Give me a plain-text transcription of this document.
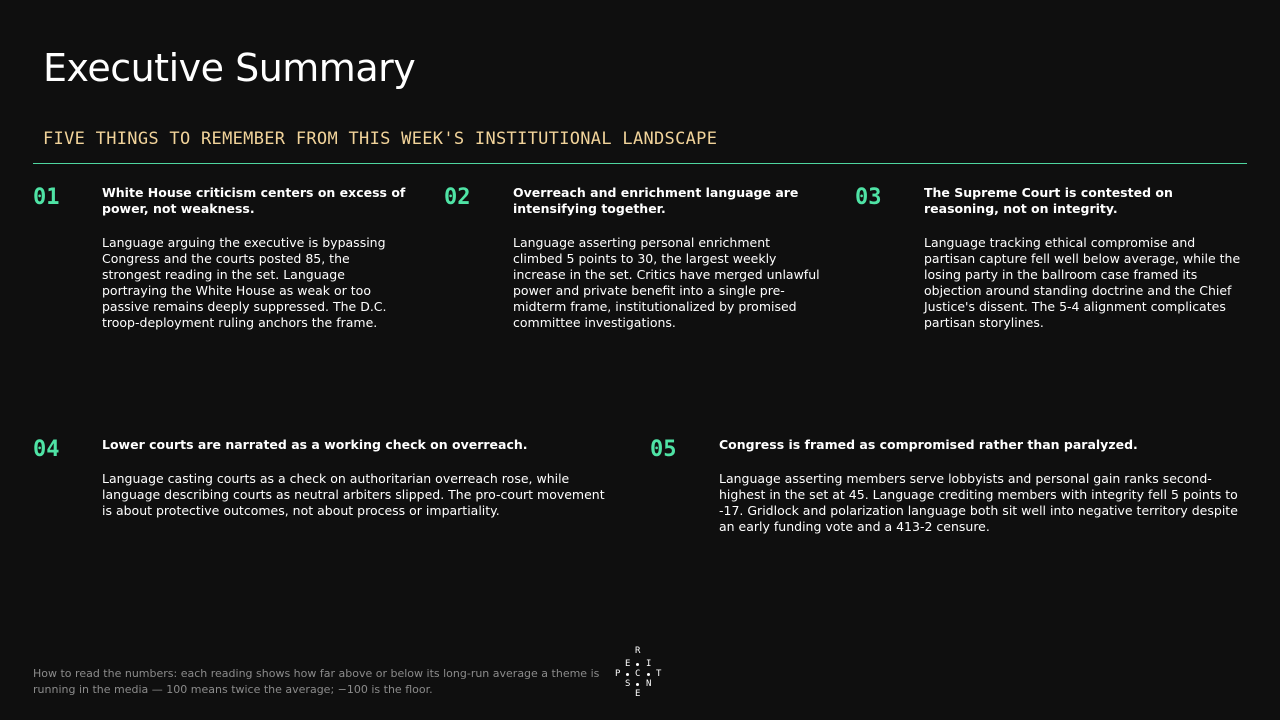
Executive Summary
FIVE THINGS TO REMEMBER FROM THIS WEEK'S INSTITUTIONAL LANDSCAPE
01	White House criticism centers on excess of power, not weakness.
Language arguing the executive is bypassing Congress and the courts posted 85, the strongest reading in the set. Language portraying the White House as weak or too passive remains deeply suppressed. The D.C. troop-deployment ruling anchors the frame.
02	Overreach and enrichment language are intensifying together.
Language asserting personal enrichment climbed 5 points to 30, the largest weekly increase in the set. Critics have merged unlawful power and private benefit into a single pre-midterm frame, institutionalized by promised committee investigations.
03	The Supreme Court is contested on reasoning, not on integrity.
Language tracking ethical compromise and partisan capture fell well below average, while the losing party in the ballroom case framed its objection around standing doctrine and the Chief Justice's dissent. The 5-4 alignment complicates partisan storylines.
04	Lower courts are narrated as a working check on overreach.
Language casting courts as a check on authoritarian overreach rose, while language describing courts as neutral arbiters slipped. The pro-court movement is about protective outcomes, not about process or impartiality.
05	Congress is framed as compromised rather than paralyzed.
Language asserting members serve lobbyists and personal gain ranks second-highest in the set at 45. Language crediting members with integrity fell 5 points to -17. Gridlock and polarization language both sit well into negative territory despite an early funding vote and a 413-2 censure.
How to read the numbers: each reading shows how far above or below its long-run average a theme is running in the media — 100 means twice the average; −100 is the floor.
R
E I
C T
P
S N
E
